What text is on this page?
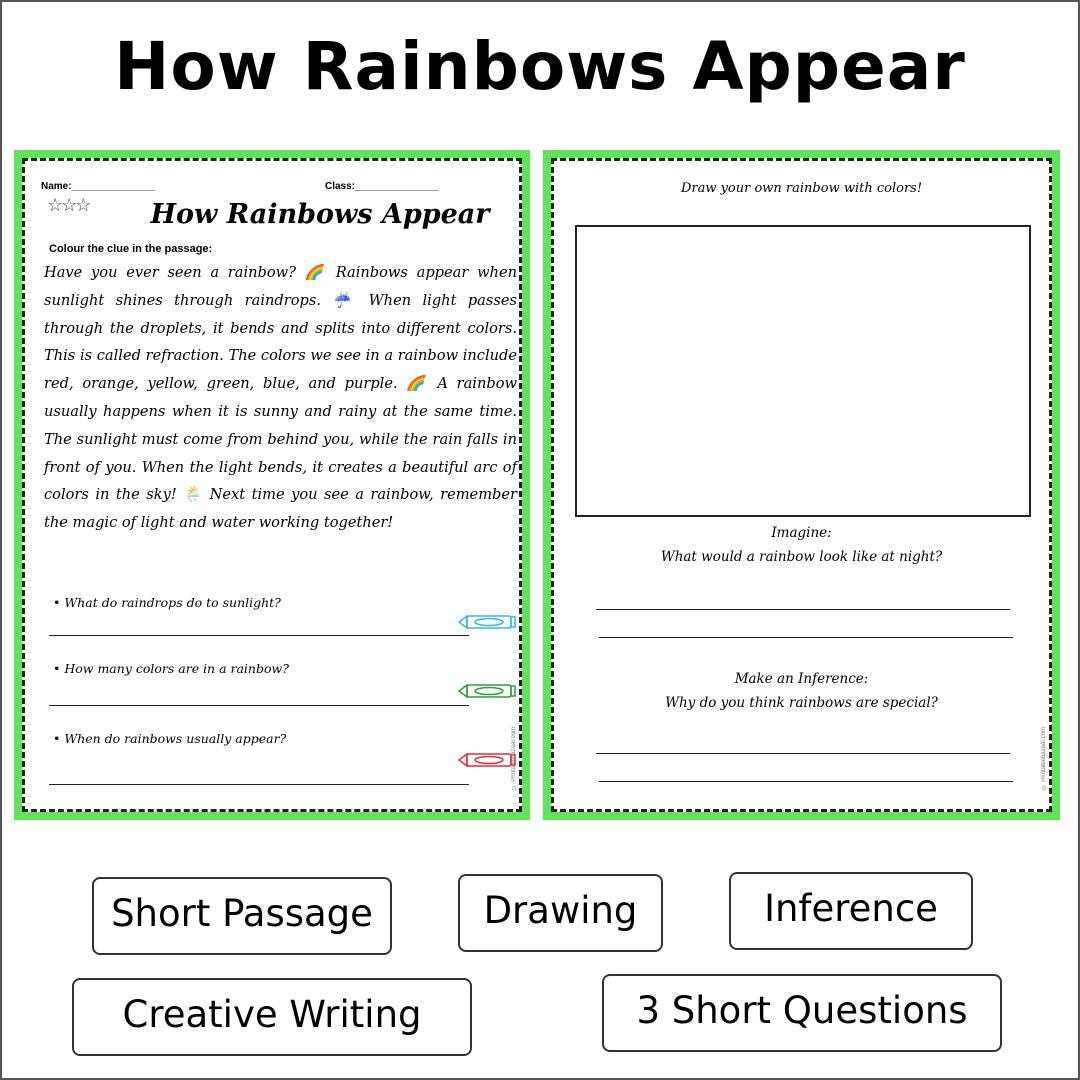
How Rainbows Appear
Name:_______________	Class:_______________
☆☆☆	How Rainbows Appear
Colour the clue in the passage:
Have you ever seen a rainbow? 🌈 Rainbows appear when sunlight shines through raindrops. ☔ When light passes through the droplets, it bends and splits into different colors. This is called refraction. The colors we see in a rainbow include red, orange, yellow, green, blue, and purple. 🌈 A rainbow usually happens when it is sunny and rainy at the same time. The sunlight must come from behind you, while the rain falls in front of you. When the light bends, it creates a beautiful arc of colors in the sky! 🌦️ Next time you see a rainbow, remember the magic of light and water working together!
• What do raindrops do to sunlight?
• How many colors are in a rainbow?
• When do rainbows usually appear?	© Printablebazaar.com
Draw your own rainbow with colors!
Imagine:
What would a rainbow look like at night?
Make an Inference:
Why do you think rainbows are special?
© Printablebazaar.com
Short Passage	Drawing	Inference
Creative Writing	3 Short Questions
